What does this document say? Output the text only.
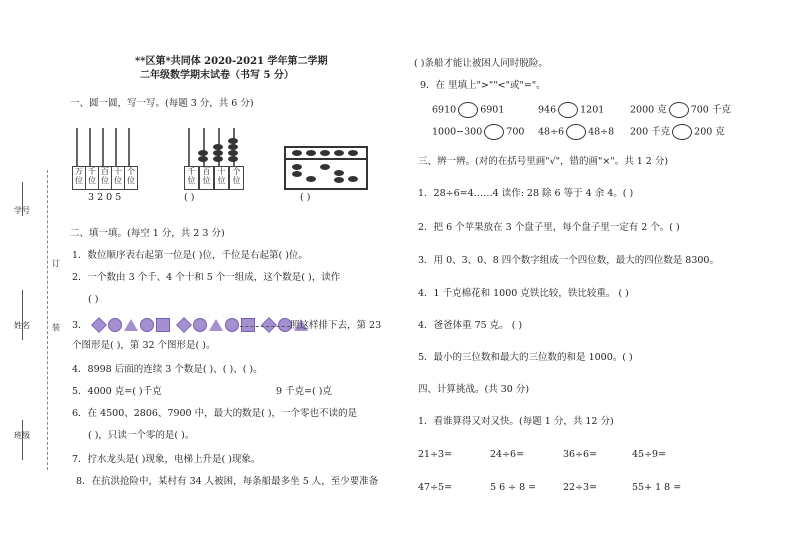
学号
姓名
班级
订
装
**区第*共同体 2020-2021 学年第二学期
二年级数学期末试卷（书写 5 分）
一、圆一圆，写一写。(每题 3 分，共 6 分)
万位
千位
百位
十位
个位
3 2 0 5
千位
百位
十位
个位
( )	( )
二、填一填。(每空 1 分，共 2 3 分)
1．数位顺序表右起第一位是( )位，千位是右起第( )位。
2．一个数由 3 个千、4 个十和 5 个一组成，这个数是( )，读作
( )
3．
	照这样排下去，第 23
个图形是( )，第 32 个图形是( )。
4．8998 后面的连续 3 个数是( )、( )、( )。
5．4000 克=( )千克	9 千克=( )克
6．在 4500、2806、7900 中，最大的数是( )，一个零也不读的是
( )，只读一个零的是( )。
7．拧水龙头是( )现象，电梯上升是( )现象。
8．在抗洪抢险中，某村有 34 人被困，每条船最多坐 5 人，至少要准备
( )条船才能让被困人同时脱险。
9．在 里填上">""<"或"="。
6910	6901	946	1201	2000 克	700 千克
1000−300	700 48÷6	48÷8 200 千克	200 克
三、辨一辨。(对的在括号里画"√"，错的画"×"。共 1 2 分)
1．28÷6=4……4 读作: 28 除 6 等于 4 余 4。( )
2．把 6 个苹果放在 3 个盘子里，每个盘子里一定有 2 个。( )
3．用 0、3、0、8 四个数字组成一个四位数，最大的四位数是 8300。
4．1 千克棉花和 1000 克铁比较，铁比较重。 ( )
4．爸爸体重 75 克。 ( )
5．最小的三位数和最大的三位数的和是 1000。( )
四、计算挑战。(共 30 分)
1．看谁算得又对又快。(每题 1 分，共 12 分)
21÷3=	24÷6=	36÷6=	45÷9=
47÷5=	5 6 ÷ 8 =	22÷3=	55+ 1 8 =
